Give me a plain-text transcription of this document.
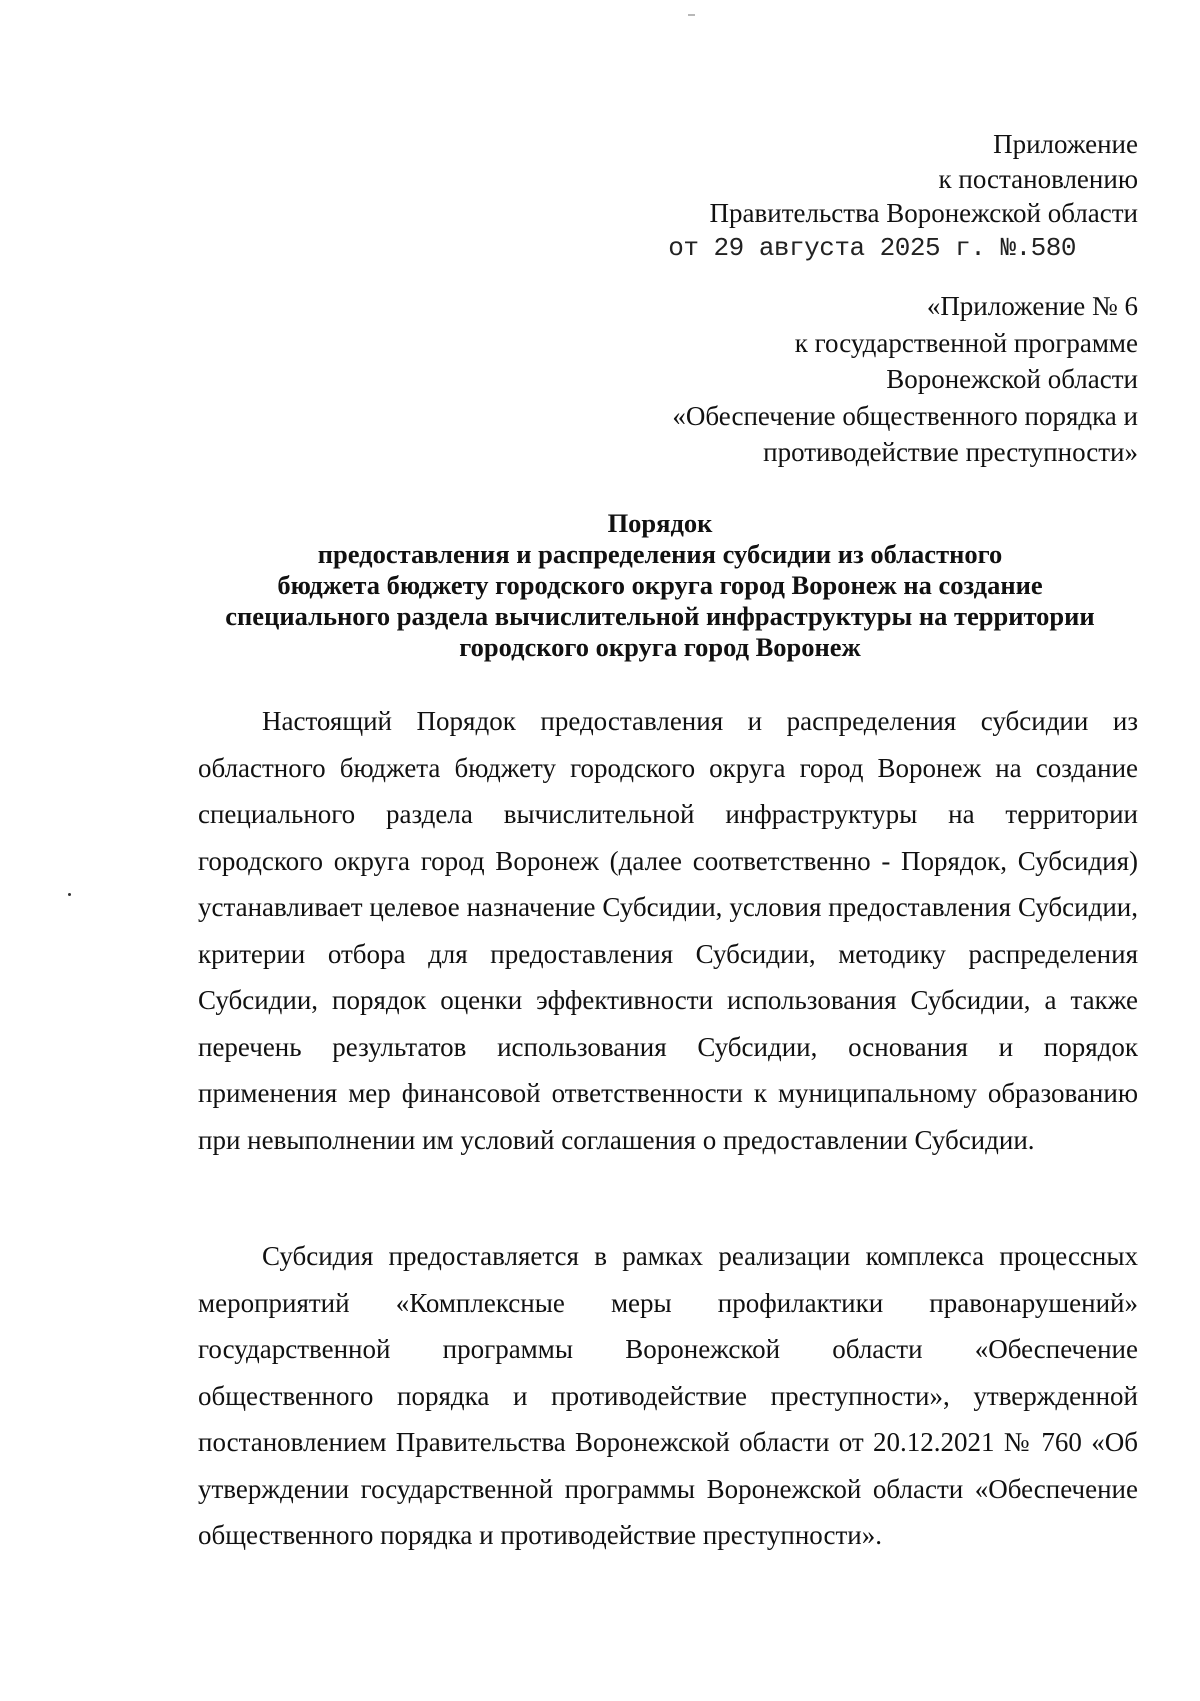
Приложение
к постановлению
Правительства Воронежской области
от 29 августа 2025 г. №.580
«Приложение № 6
к государственной программе
Воронежской области
«Обеспечение общественного порядка и
противодействие преступности»
Порядок
предоставления и распределения субсидии из областного
бюджета бюджету городского округа город Воронеж на создание
специального раздела вычислительной инфраструктуры на территории
городского округа город Воронеж

Настоящий Порядок предоставления и распределения субсидии из областного бюджета бюджету городского округа город Воронеж на создание специального раздела вычислительной инфраструктуры на территории городского округа город Воронеж (далее соответственно - Порядок, Субсидия) устанавливает целевое назначение Субсидии, условия предоставления Субсидии, критерии отбора для предоставления Субсидии, методику распределения Субсидии, порядок оценки эффективности использования Субсидии, а также перечень результатов использования Субсидии, основания и порядок применения мер финансовой ответственности к муниципальному образованию при невыполнении им условий соглашения о предоставлении Субсидии.

Субсидия предоставляется в рамках реализации комплекса процессных мероприятий «Комплексные меры профилактики правонарушений» государственной программы Воронежской области «Обеспечение общественного порядка и противодействие преступности», утвержденной постановлением Правительства Воронежской области от 20.12.2021 № 760 «Об утверждении государственной программы Воронежской области «Обеспечение общественного порядка и противодействие преступности».
